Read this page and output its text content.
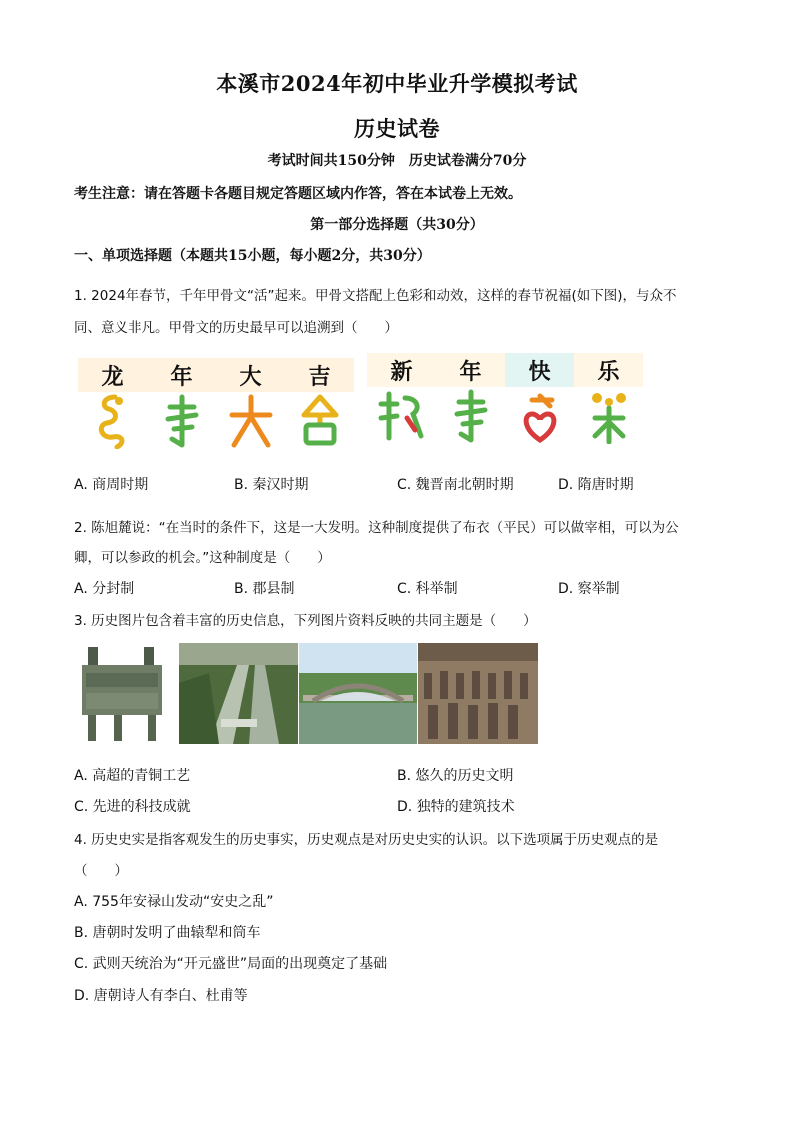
本溪市2024年初中毕业升学模拟考试
历史试卷
考试时间共150分钟　历史试卷满分70分
考生注意：请在答题卡各题目规定答题区域内作答，答在本试卷上无效。
第一部分选择题（共30分）
一、单项选择题（本题共15小题，每小题2分，共30分）
1. 2024年春节，千年甲骨文“活”起来。甲骨文搭配上色彩和动效，这样的春节祝福(如下图)，与众不
同、意义非凡。甲骨文的历史最早可以追溯到（　　）
龙	年	大	吉
				新	年	快	乐

A. 商周时期	B. 秦汉时期	C. 魏晋南北朝时期	D. 隋唐时期
2. 陈旭麓说：“在当时的条件下，这是一大发明。这种制度提供了布衣（平民）可以做宰相，可以为公
卿，可以参政的机会。”这种制度是（　　）
A. 分封制	B. 郡县制	C. 科举制	D. 察举制
3. 历史图片包含着丰富的历史信息，下列图片资料反映的共同主题是（　　）
A. 高超的青铜工艺	B. 悠久的历史文明
C. 先进的科技成就	D. 独特的建筑技术
4. 历史史实是指客观发生的历史事实，历史观点是对历史史实的认识。以下选项属于历史观点的是
（　　）
A. 755年安禄山发动“安史之乱”
B. 唐朝时发明了曲辕犁和筒车
C. 武则天统治为“开元盛世”局面的出现奠定了基础
D. 唐朝诗人有李白、杜甫等
